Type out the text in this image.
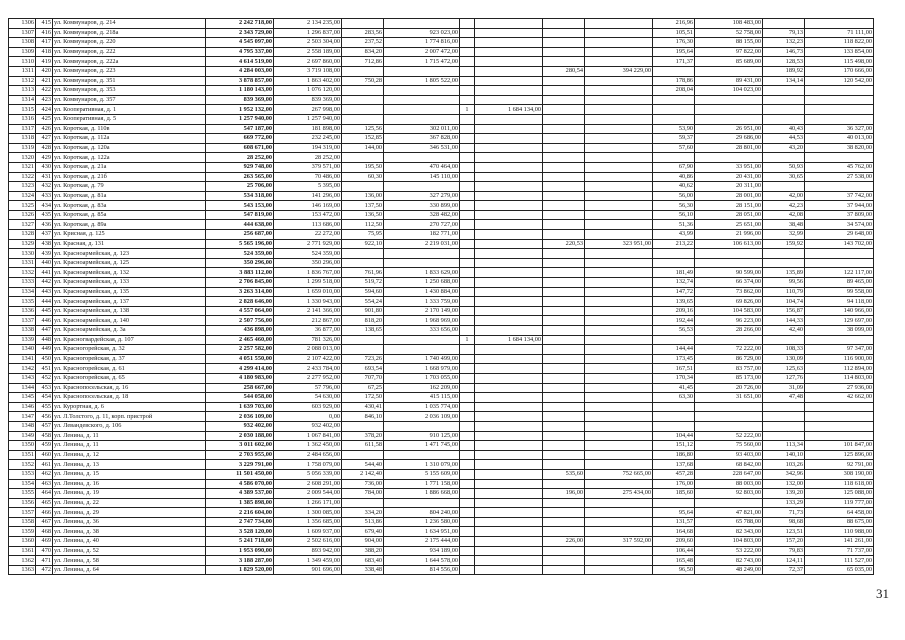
1306	415	ул. Коммунаров, д. 214	2 242 718,00	2 134 235,00							216,96	108 483,00		
1307	416	ул. Коммунаров, д. 218а	2 343 729,00	1 296 837,00	283,56	923 023,00					105,51	52 758,00	79,13	71 111,00
1308	417	ул. Коммунаров, д. 220	4 545 097,00	2 503 304,00	237,52	1 774 816,00					176,30	88 155,00	132,23	118 822,00
1309	418	ул. Коммунаров, д. 222	4 795 337,00	2 558 189,00	834,20	2 007 472,00					195,64	97 822,00	146,73	133 854,00
1310	419	ул. Коммунаров, д. 222а	4 614 519,00	2 697 860,00	712,86	1 715 472,00					171,37	85 689,00	128,53	115 498,00
1311	420	ул. Коммунаров, д. 223	4 284 003,00	3 719 108,00					280,54	394 229,00			189,92	170 666,00
1312	421	ул. Коммунаров, д. 351	3 878 857,00	1 863 402,00	750,28	1 805 522,00					178,86	89 431,00	134,14	120 542,00
1313	422	ул. Коммунаров, д. 353	1 180 143,00	1 076 120,00							208,04	104 023,00		
1314	423	ул. Коммунаров, д. 357	839 369,00	839 369,00										
1315	424	ул. Кооперативная, д. 1	1 952 132,00	267 998,00			1	1 684 134,00						
1316	425	ул. Кооперативная, д. 5	1 257 940,00	1 257 940,00										
1317	426	ул. Короткая, д. 110в	547 187,00	181 898,00	125,56	302 011,00					53,90	26 951,00	40,43	36 327,00
1318	427	ул. Короткая, д. 112а	669 772,00	232 245,00	152,85	367 828,00					59,37	29 686,00	44,53	40 013,00
1319	428	ул. Короткая, д. 120а	608 671,00	194 319,00	144,00	346 531,00					57,60	28 801,00	43,20	38 820,00
1320	429	ул. Короткая, д. 122а	28 252,00	28 252,00										
1321	430	ул. Короткая, д. 21а	929 748,00	379 571,00	195,50	470 464,00					67,90	33 951,00	50,93	45 762,00
1322	431	ул. Короткая, д. 21б	263 565,00	70 486,00	60,30	145 110,00					40,86	20 431,00	30,65	27 538,00
1323	432	ул. Короткая, д. 79	25 706,00	5 395,00							40,62	20 311,00		
1324	433	ул. Короткая, д. 81а	534 318,00	141 296,00	136,00	327 279,00					56,00	28 001,00	42,00	37 742,00
1325	434	ул. Короткая, д. 83а	543 153,00	146 169,00	137,50	330 899,00					56,30	28 151,00	42,23	37 944,00
1326	435	ул. Короткая, д. 85а	547 819,00	153 472,00	136,50	328 482,00					56,10	28 051,00	42,08	37 809,00
1327	436	ул. Короткая, д. 89а	444 638,00	113 686,00	112,50	270 727,00					51,36	25 651,00	38,48	34 574,00
1328	437	ул. Крисная, д. 125	256 687,00	22 272,00	75,95	182 771,00					43,99	21 996,00	32,99	29 648,00
1329	438	ул. Красная, д. 131	5 565 196,00	2 771 929,00	922,10	2 219 031,00			220,53	323 951,00	213,22	106 613,00	159,92	143 702,00
1330	439	ул. Красноармейская, д. 123	524 359,00	524 359,00										
1331	440	ул. Красноармейская, д. 125	350 296,00	350 296,00										
1332	441	ул. Красноармейская, д. 132	3 883 112,00	1 836 767,00	761,96	1 833 629,00					181,49	90 599,00	135,89	122 117,00
1333	442	ул. Красноармейская, д. 133	2 706 845,00	1 299 518,00	519,72	1 250 688,00					132,74	66 374,00	99,56	89 465,00
1334	443	ул. Красноармейская, д. 135	3 263 314,00	1 659 010,00	594,60	1 430 884,00					147,72	73 862,00	110,79	99 558,00
1335	444	ул. Красноармейская, д. 137	2 828 646,00	1 330 943,00	554,24	1 333 759,00					139,65	69 826,00	104,74	94 118,00
1336	445	ул. Красноармейская, д. 138	4 557 064,00	2 141 366,00	901,80	2 170 149,00					209,16	104 583,00	156,87	140 966,00
1337	446	ул. Красноармейская, д. 140	2 507 756,00	212 867,00	818,20	1 968 969,00					192,44	96 223,00	144,33	129 697,00
1338	447	ул. Красноармейская, д. 3а	436 898,00	36 877,00	138,65	333 656,00					56,53	28 266,00	42,40	38 099,00
1339	448	ул. Красногвардейская, д. 107	2 465 460,00	781 326,00			1	1 684 134,00						
1340	449	ул. Красногорейская, д. 32	2 257 582,00	2 088 013,00							144,44	72 222,00	108,33	97 347,00
1341	450	ул. Красногорейская, д. 37	4 051 550,00	2 107 422,00	723,26	1 740 499,00					173,45	86 729,00	130,09	116 900,00
1342	451	ул. Красногорейская, д. 61	4 299 414,00	2 433 784,00	693,54	1 668 979,00					167,51	83 757,00	125,63	112 894,00
1343	452	ул. Красногорейская, д. 65	4 180 983,00	2 277 952,00	707,70	1 703 055,00					170,34	85 173,00	127,76	114 803,00
1344	453	ул. Краснопосельская, д. 16	258 667,00	57 796,00	67,25	162 209,00					41,45	20 726,00	31,09	27 936,00
1345	454	ул. Краснопосельская, д. 18	544 058,00	54 630,00	172,50	415 115,00					63,30	31 651,00	47,48	42 662,00
1346	455	ул. Курортная, д. 6	1 639 703,00	603 929,00	430,41	1 035 774,00								
1347	456	ул. Л.Толстого, д. 11, корп. пристрой	2 036 109,00	0,00	846,10	2 036 109,00								
1348	457	ул. Левандевского, д. 106	932 402,00	932 402,00										
1349	458	ул. Ленина, д. 11	2 030 188,00	1 067 841,00	378,20	910 125,00					104,44	52 222,00		
1350	459	ул. Ленина, д. 11	3 011 602,00	1 362 450,00	611,58	1 471 745,00					151,12	75 560,00	113,34	101 847,00
1351	460	ул. Ленина, д. 12	2 703 955,00	2 484 656,00							186,80	93 403,00	140,10	125 896,00
1352	461	ул. Ленина, д. 13	3 229 791,00	1 758 079,00	544,40	1 310 079,00					137,68	68 842,00	103,26	92 791,00
1353	462	ул. Ленина, д. 15	11 501 450,00	5 056 339,00	2 142,40	5 155 609,00			535,60	752 665,00	457,28	228 647,00	342,96	308 190,00
1354	463	ул. Ленина, д. 16	4 586 070,00	2 608 291,00	736,00	1 771 158,00					176,00	88 003,00	132,00	118 618,00
1355	464	ул. Ленина, д. 19	4 389 537,00	2 009 544,00	784,00	1 886 668,00			196,00	275 434,00	185,60	92 803,00	139,20	125 088,00
1356	465	ул. Ленина, д. 22	1 385 898,00	1 266 171,00									133,29	119 777,00
1357	466	ул. Ленина, д. 29	2 216 604,00	1 300 085,00	334,20	804 240,00					95,64	47 821,00	71,73	64 458,00
1358	467	ул. Ленина, д. 36	2 747 734,00	1 356 685,00	513,86	1 236 580,00					131,57	65 788,00	98,68	88 675,00
1359	468	ул. Ленина, д. 38	3 528 120,00	1 609 937,00	679,40	1 634 951,00					164,68	82 343,00	123,51	110 988,00
1360	469	ул. Ленина, д. 40	5 241 718,00	2 502 616,00	904,00	2 175 444,00			226,00	317 592,00	209,60	104 803,00	157,20	141 261,00
1361	470	ул. Ленина, д. 52	1 953 090,00	893 942,00	388,20	934 189,00					106,44	53 222,00	79,83	71 737,00
1362	471	ул. Ленина, д. 58	3 188 287,00	1 349 459,00	683,40	1 644 578,00					165,48	82 743,00	124,11	111 527,00
1363	472	ул. Ленина, д. 64	1 829 520,00	901 696,00	338,48	814 556,00					96,50	48 249,00	72,37	65 035,00
31
